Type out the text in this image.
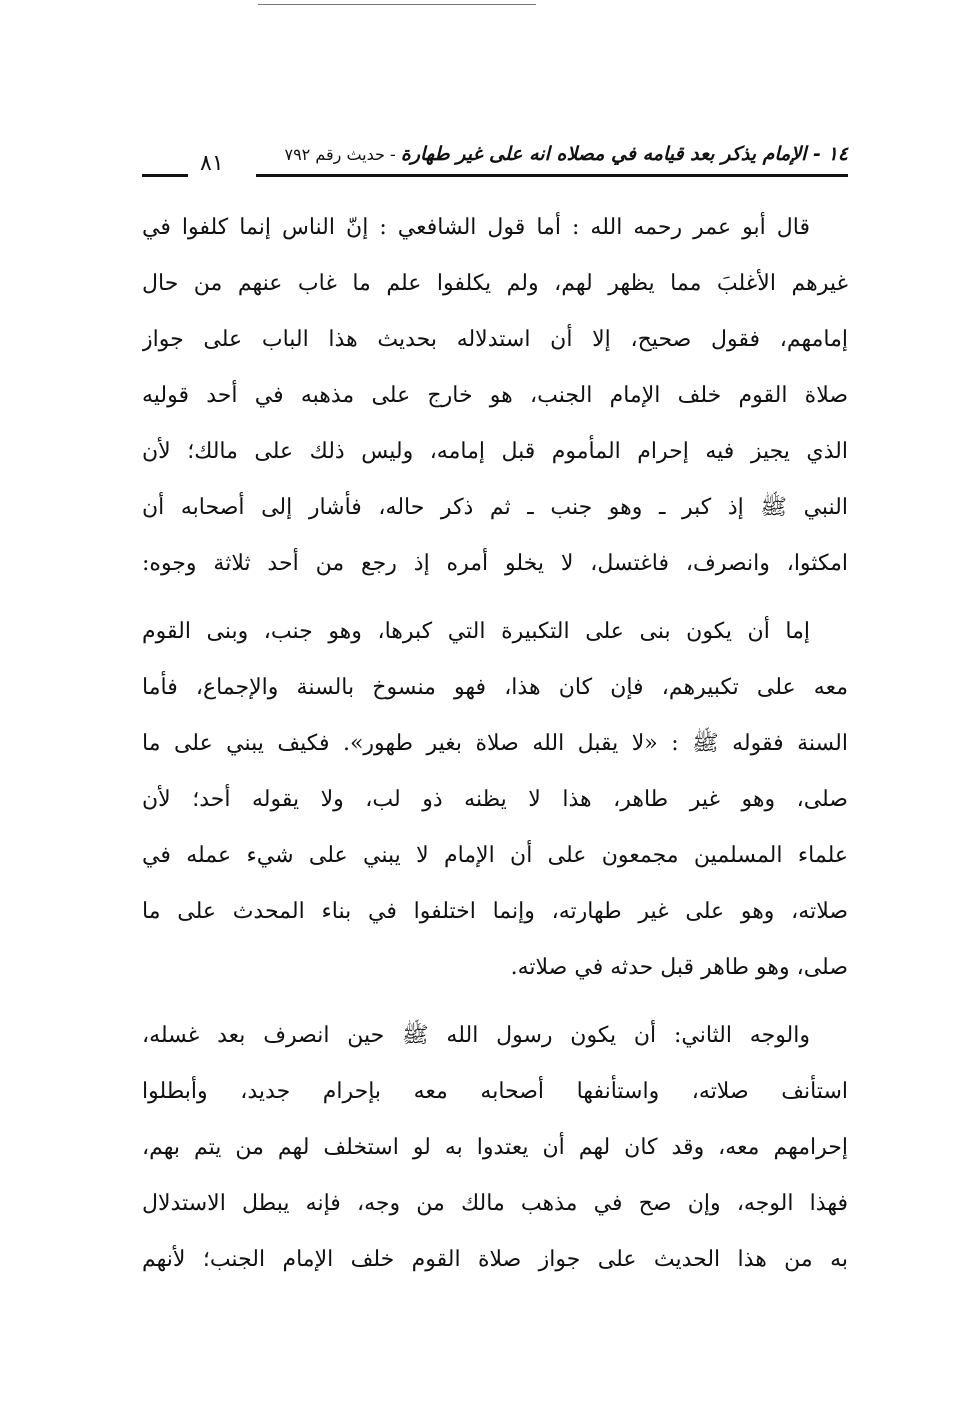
١٤ - الإمام يذكر بعد قيامه في مصلاه انه على غير طهارة - حديث رقم ٧٩٢
٨١
قال أبو عمر رحمه الله : أما قول الشافعي : إنّ الناس إنما كلفوا في
غيرهم الأغلبَ مما يظهر لهم، ولم يكلفوا علم ما غاب عنهم من حال
إمامهم، فقول صحيح، إلا أن استدلاله بحديث هذا الباب على جواز
صلاة القوم خلف الإمام الجنب، هو خارج على مذهبه في أحد قوليه
الذي يجيز فيه إحرام المأموم قبل إمامه، وليس ذلك على مالك؛ لأن
النبي ﷺ إذ كبر ـ وهو جنب ـ ثم ذكر حاله، فأشار إلى أصحابه أن
امكثوا، وانصرف، فاغتسل، لا يخلو أمره إذ رجع من أحد ثلاثة وجوه:
إما أن يكون بنى على التكبيرة التي كبرها، وهو جنب، وبنى القوم
معه على تكبيرهم، فإن كان هذا، فهو منسوخ بالسنة والإجماع، فأما
السنة فقوله ﷺ : «لا يقبل الله صلاة بغير طهور». فكيف يبني على ما
صلى، وهو غير طاهر، هذا لا يظنه ذو لب، ولا يقوله أحد؛ لأن
علماء المسلمين مجمعون على أن الإمام لا يبني على شيء عمله في
صلاته، وهو على غير طهارته، وإنما اختلفوا في بناء المحدث على ما
صلى، وهو طاهر قبل حدثه في صلاته.
والوجه الثاني: أن يكون رسول الله ﷺ حين انصرف بعد غسله،
استأنف صلاته، واستأنفها أصحابه معه بإحرام جديد، وأبطلوا
إحرامهم معه، وقد كان لهم أن يعتدوا به لو استخلف لهم من يتم بهم،
فهذا الوجه، وإن صح في مذهب مالك من وجه، فإنه يبطل الاستدلال
به من هذا الحديث على جواز صلاة القوم خلف الإمام الجنب؛ لأنهم
